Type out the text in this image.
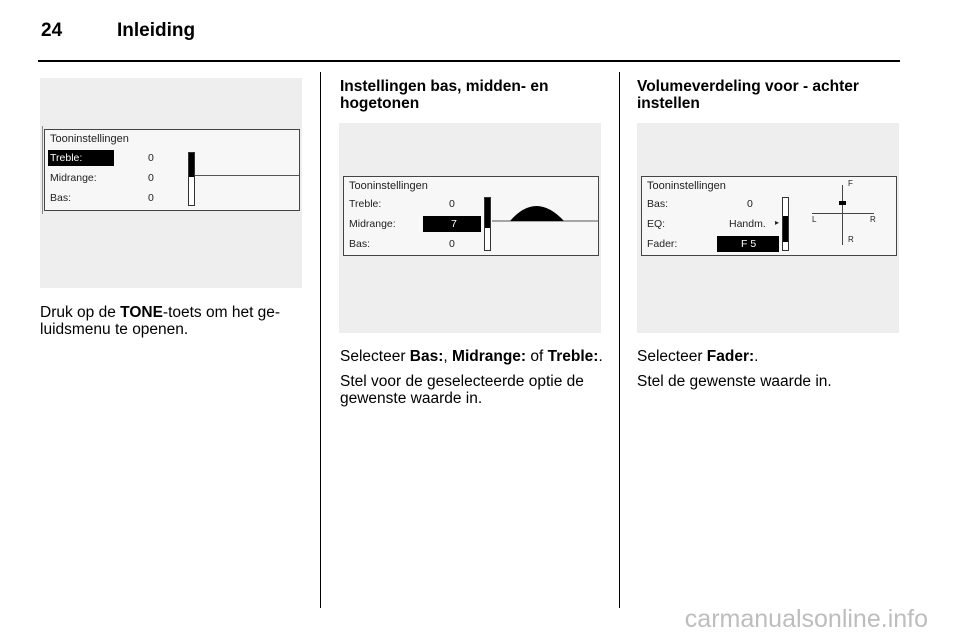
24	Inleiding
Tooninstellingen
Treble:	0
Midrange:	0
Bas:	0

Druk op de TONE-toets om het ge-
luidsmenu te openen.

Instellingen bas, midden- en
hogetonen
Tooninstellingen
Treble:	0
Midrange:	7
Bas:	0

Selecteer Bas:, Midrange: of Treble:.

Stel voor de geselecteerde optie de
gewenste waarde in.

Volumeverdeling voor - achter
instellen
Tooninstellingen
Bas:	0
EQ:	Handm. ▸
Fader:	F 5
F
R
L	R

Selecteer Fader:.

Stel de gewenste waarde in.

carmanualsonline.info
